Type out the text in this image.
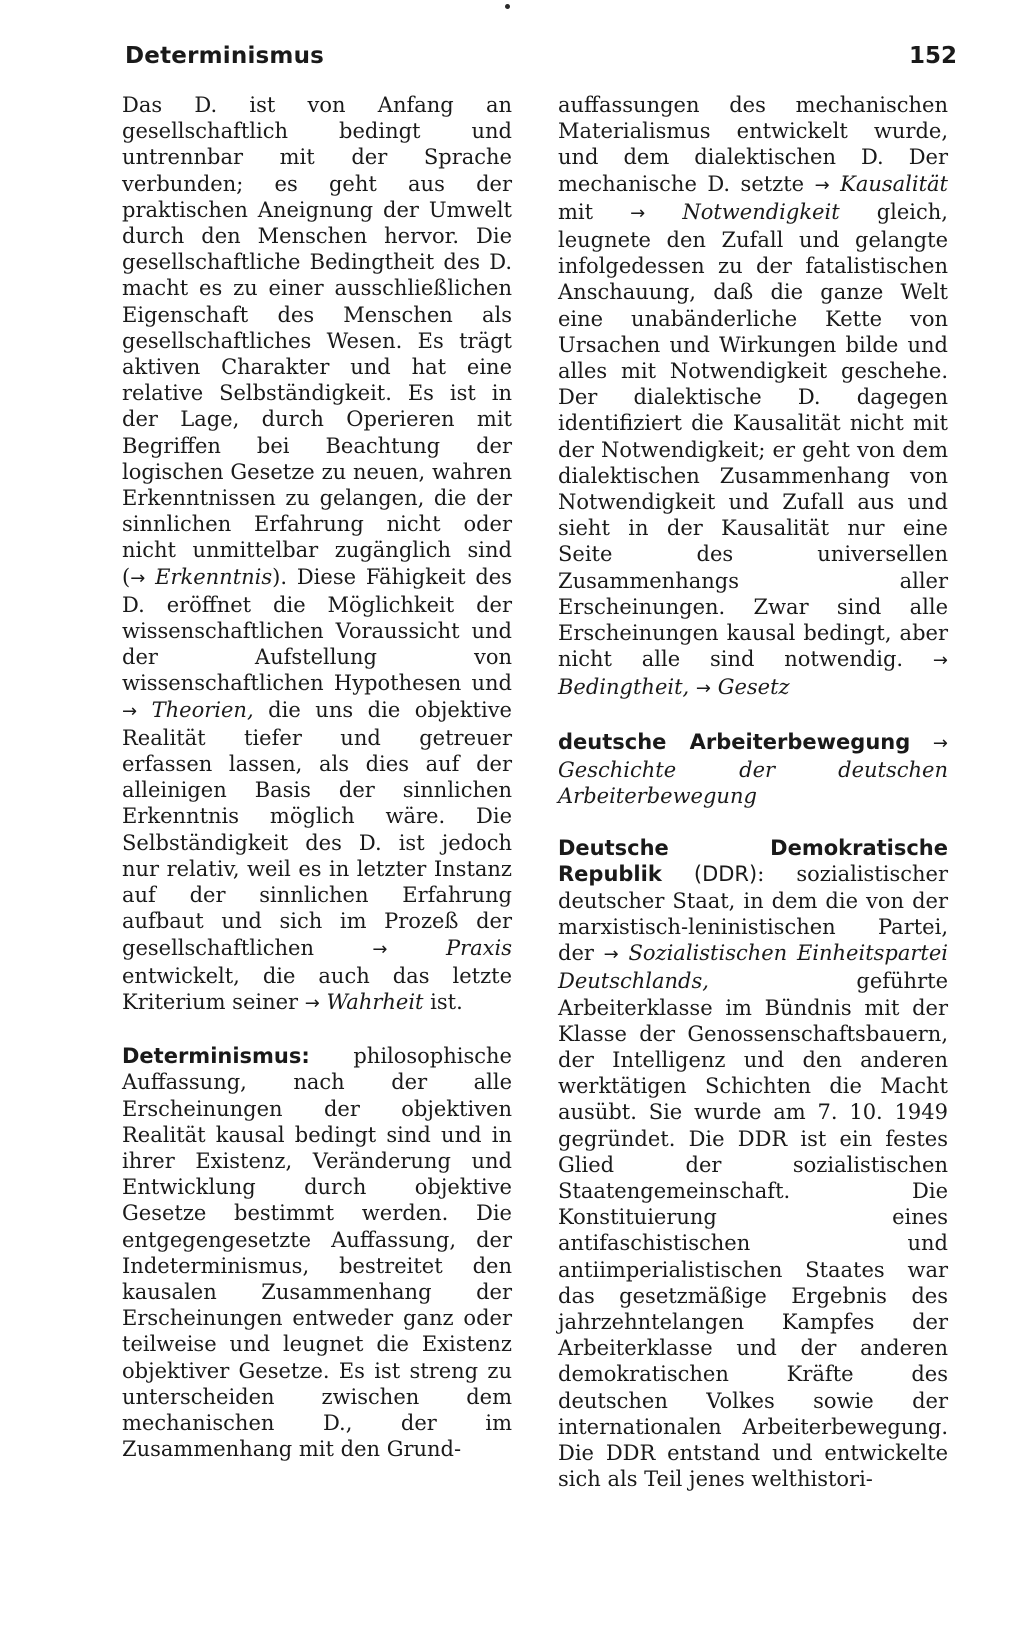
Determinismus	152

Das D. ist von Anfang an gesellschaftlich bedingt und untrennbar mit der Sprache verbunden; es geht aus der praktischen Aneignung der Umwelt durch den Menschen hervor. Die gesellschaftliche Bedingtheit des D. macht es zu einer ausschließlichen Eigenschaft des Menschen als gesellschaftliches Wesen. Es trägt aktiven Charakter und hat eine relative Selbständigkeit. Es ist in der Lage, durch Operieren mit Begriffen bei Beachtung der logischen Gesetze zu neuen, wahren Erkenntnissen zu gelangen, die der sinnlichen Erfahrung nicht oder nicht unmittelbar zugänglich sind (→ Erkenntnis). Diese Fähigkeit des D. eröffnet die Möglichkeit der wissenschaftlichen Voraussicht und der Aufstellung von wissenschaftlichen Hypothesen und → Theorien, die uns die objektive Realität tiefer und getreuer erfassen lassen, als dies auf der alleinigen Basis der sinnlichen Erkenntnis möglich wäre. Die Selbständigkeit des D. ist jedoch nur relativ, weil es in letzter Instanz auf der sinnlichen Erfahrung aufbaut und sich im Prozeß der gesellschaftlichen →	Praxis entwickelt, die auch das letzte Kriterium seiner → Wahrheit ist.

Determinismus: philosophische Auffassung, nach der alle Erscheinungen der objektiven Realität kausal bedingt sind und in ihrer Existenz, Veränderung und Entwicklung durch objektive Gesetze bestimmt werden. Die entgegengesetzte Auffassung, der Indeterminismus, bestreitet den kausalen Zusammenhang der Erscheinungen entweder ganz oder teilweise und leugnet die Existenz objektiver Gesetze. Es ist streng zu unterscheiden zwischen dem mechanischen D., der im Zusammenhang mit den Grund-

auffassungen des mechanischen Materialismus entwickelt wurde, und dem dialektischen D. Der mechanische D. setzte → Kausalität mit → Notwendigkeit gleich, leugnete den Zufall und gelangte infolgedessen zu der fatalistischen Anschauung, daß die ganze Welt eine unabänderliche Kette von Ursachen und Wirkungen bilde und alles mit Notwendigkeit geschehe. Der dialektische D. dagegen identifiziert die Kausalität nicht mit der Notwendigkeit; er geht von dem dialektischen Zusammenhang von Notwendigkeit und Zufall aus und sieht in der Kausalität nur eine Seite des universellen Zusammenhangs aller Erscheinungen. Zwar sind alle Erscheinungen kausal bedingt, aber nicht alle sind notwendig. → Bedingtheit, → Gesetz

deutsche Arbeiterbewegung → Geschichte der deutschen Arbeiterbewegung

Deutsche Demokratische Republik (DDR): sozialistischer deutscher Staat, in dem die von der marxistisch-leninistischen Partei, der → Sozialistischen Einheitspartei Deutschlands, geführte Arbeiterklasse im Bündnis mit der Klasse der Genossenschaftsbauern, der Intelligenz und den anderen werktätigen Schichten die Macht ausübt. Sie wurde am 7. 10. 1949 gegründet. Die DDR ist ein festes Glied der sozialistischen Staatengemeinschaft. Die Konstituierung eines antifaschistischen und antiimperialistischen Staates war das gesetzmäßige Ergebnis des jahrzehntelangen Kampfes der Arbeiterklasse und der anderen demokratischen Kräfte des deutschen Volkes sowie der internationalen Arbeiterbewegung. Die DDR entstand und entwickelte sich als Teil jenes welthistori-
